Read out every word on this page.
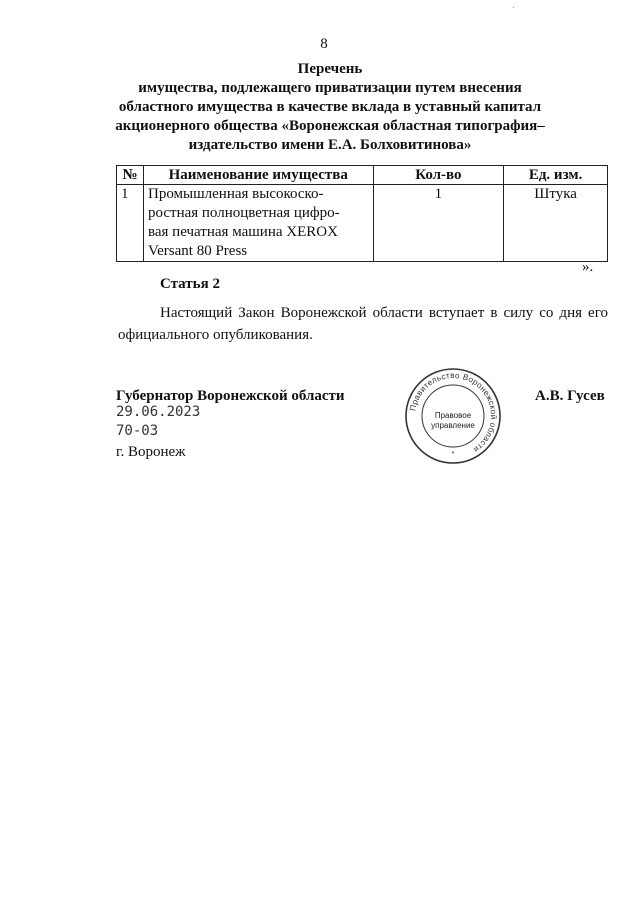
·
8
Перечень
имущества, подлежащего приватизации путем внесения
областного имущества в качестве вклада в уставный капитал
акционерного общества «Воронежская областная типография–
издательство имени Е.А. Болховитинова»
№	Наименование имущества	Кол-во	Ед. изм.
1	Промышленная высокоско-
ростная полноцветная цифро-
вая печатная машина XEROX
Versant 80 Press	1	Штука
».
Статья 2
Настоящий Закон Воронежской области вступает в силу со дня его официального опубликования.
Губернатор Воронежской области
29.06.2023
70-03
г. Воронеж
А.В. Гусев
Правительство Воронежской области
*
Правовое
управление
